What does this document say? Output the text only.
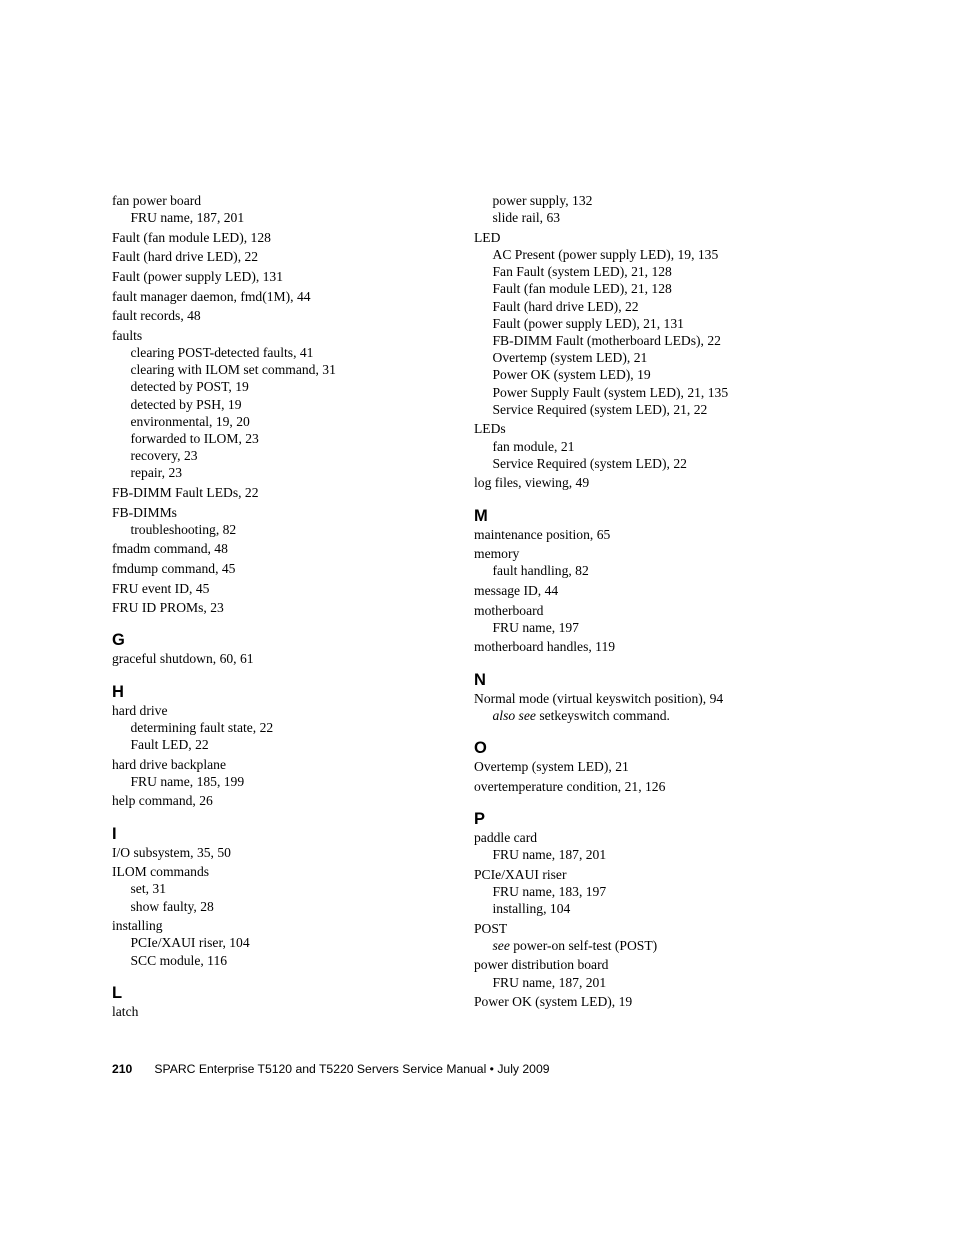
fan power board
FRU name, 187, 201
Fault (fan module LED), 128
Fault (hard drive LED), 22
Fault (power supply LED), 131
fault manager daemon, fmd(1M), 44
fault records, 48
faults
clearing POST-detected faults, 41
clearing with ILOM set command, 31
detected by POST, 19
detected by PSH, 19
environmental, 19, 20
forwarded to ILOM, 23
recovery, 23
repair, 23
FB-DIMM Fault LEDs, 22
FB-DIMMs
troubleshooting, 82
fmadm command, 48
fmdump command, 45
FRU event ID, 45
FRU ID PROMs, 23
G
graceful shutdown, 60, 61
H
hard drive
determining fault state, 22
Fault LED, 22
hard drive backplane
FRU name, 185, 199
help command, 26
I
I/O subsystem, 35, 50
ILOM commands
set, 31
show faulty, 28
installing
PCIe/XAUI riser, 104
SCC module, 116
L
latch
power supply, 132
slide rail, 63
LED
AC Present (power supply LED), 19, 135
Fan Fault (system LED), 21, 128
Fault (fan module LED), 21, 128
Fault (hard drive LED), 22
Fault (power supply LED), 21, 131
FB-DIMM Fault (motherboard LEDs), 22
Overtemp (system LED), 21
Power OK (system LED), 19
Power Supply Fault (system LED), 21, 135
Service Required (system LED), 21, 22
LEDs
fan module, 21
Service Required (system LED), 22
log files, viewing, 49
M
maintenance position, 65
memory
fault handling, 82
message ID, 44
motherboard
FRU name, 197
motherboard handles, 119
N
Normal mode (virtual keyswitch position), 94
also see setkeyswitch command.
O
Overtemp (system LED), 21
overtemperature condition, 21, 126
P
paddle card
FRU name, 187, 201
PCIe/XAUI riser
FRU name, 183, 197
installing, 104
POST
see power-on self-test (POST)
power distribution board
FRU name, 187, 201
Power OK (system LED), 19
210 SPARC Enterprise T5120 and T5220 Servers Service Manual • July 2009
